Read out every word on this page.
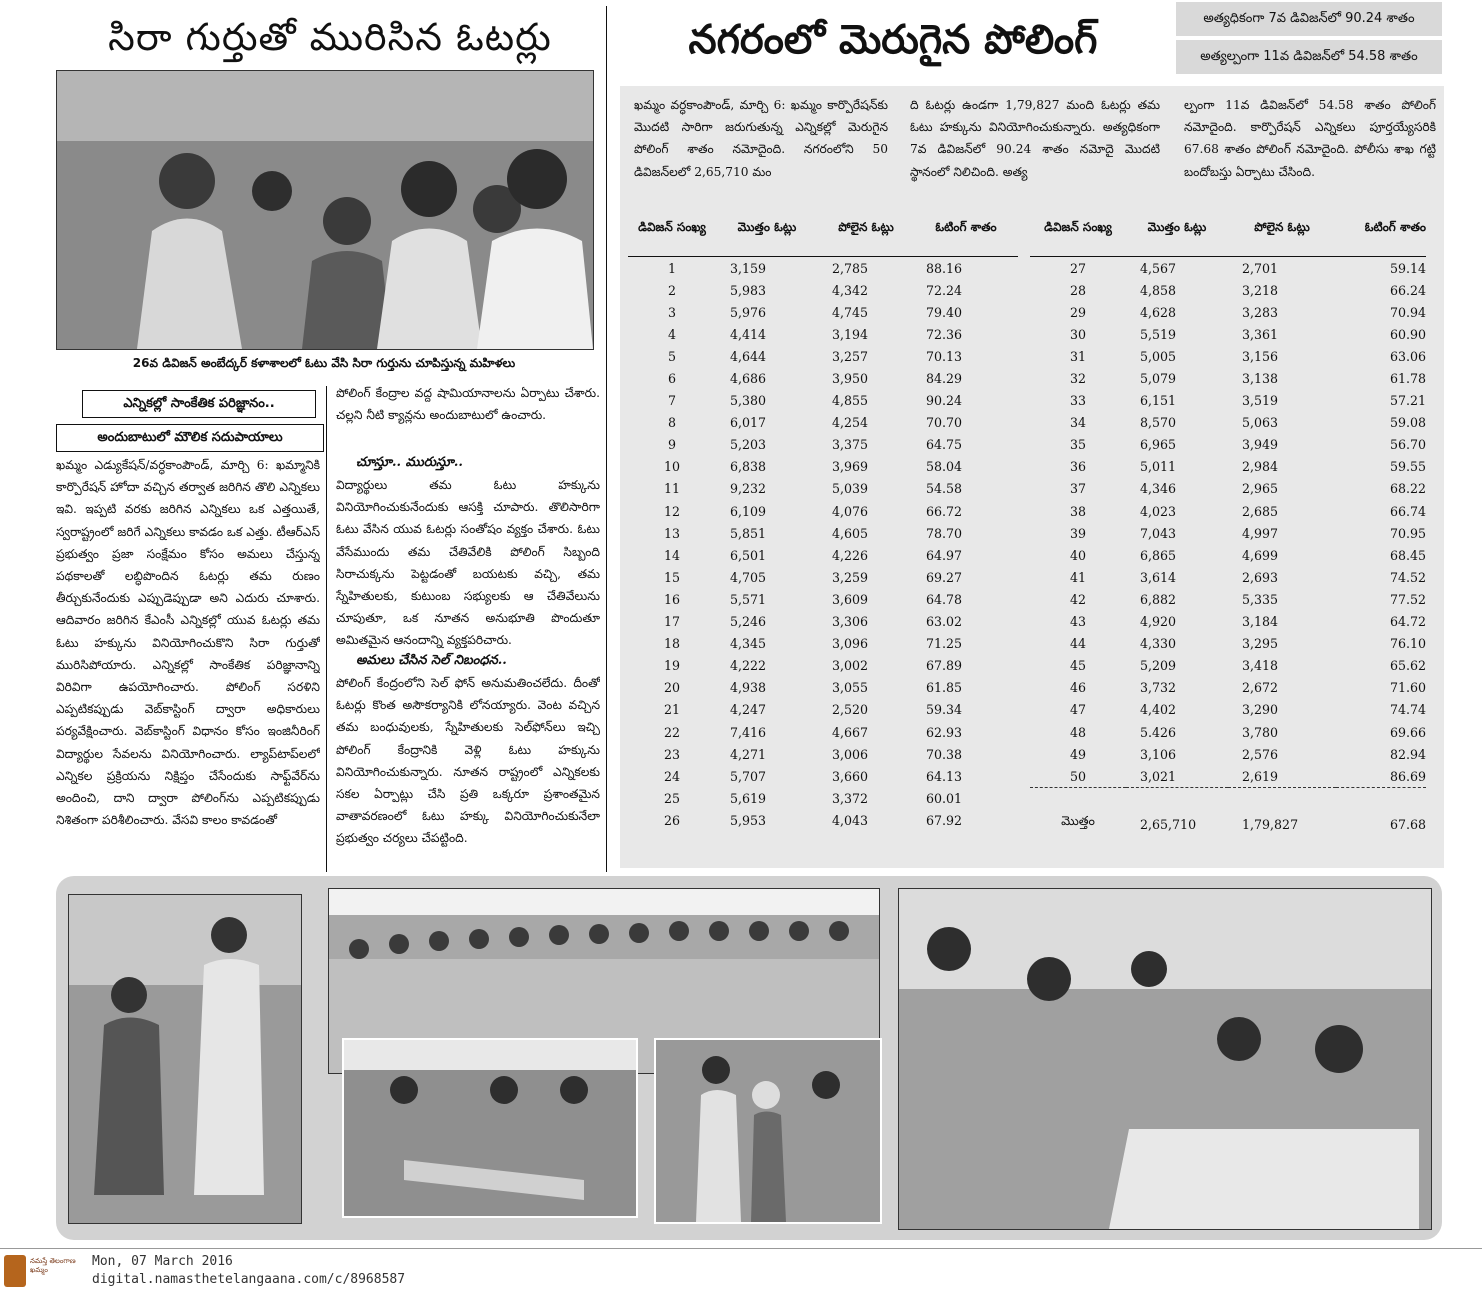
సిరా గుర్తుతో మురిసిన ఓటర్లు	నగరంలో మెరుగైన పోలింగ్	అత్యధికంగా 7వ డివిజన్‌లో 90.24 శాతం
అత్యల్పంగా 11వ డివిజన్‌లో 54.58 శాతం
26వ డివిజన్ అంబేద్కర్ కళాశాలలో ఓటు వేసి సిరా గుర్తును చూపిస్తున్న మహిళలు
ఎన్నికల్లో సాంకేతిక పరిజ్ఞానం..
అందుబాటులో మౌలిక సదుపాయాలు
ఖమ్మం ఎడ్యుకేషన్/వర్ధకాంపౌండ్, మార్చి 6: ఖమ్మానికి కార్పొరేషన్ హోదా వచ్చిన తర్వాత జరిగిన తొలి ఎన్నికలు ఇవి. ఇప్పటి వరకు జరిగిన ఎన్నికలు ఒక ఎత్తయితే, స్వరాష్ట్రంలో జరిగే ఎన్నికలు కావడం ఒక ఎత్తు. టీఆర్‌ఎస్ ప్రభుత్వం ప్రజా సంక్షేమం కోసం అమలు చేస్తున్న పథకాలతో లబ్ధిపొందిన ఓటర్లు తమ రుణం తీర్చుకునేందుకు ఎప్పుడెప్పుడా అని ఎదురు చూశారు. ఆదివారం జరిగిన కేఎంసీ ఎన్నికల్లో యువ ఓటర్లు తమ ఓటు హక్కును వినియోగించుకొని సిరా గుర్తుతో మురిసిపోయారు. ఎన్నికల్లో సాంకేతిక పరిజ్ఞానాన్ని విరివిగా ఉపయోగించారు. పోలింగ్ సరళిని ఎప్పటికప్పుడు వెబ్‌కాస్టింగ్ ద్వారా అధికారులు పర్యవేక్షించారు. వెబ్‌కాస్టింగ్ విధానం కోసం ఇంజినీరింగ్ విద్యార్థుల సేవలను వినియోగించారు. ల్యాప్‌టాప్‌లలో ఎన్నికల ప్రక్రియను నిక్షిప్తం చేసేందుకు సాఫ్ట్‌వేర్‌ను అందించి, దాని ద్వారా పోలింగ్‌ను ఎప్పటికప్పుడు నిశితంగా పరిశీలించారు. వేసవి కాలం కావడంతో
పోలింగ్ కేంద్రాల వద్ద షామియానాలను ఏర్పాటు చేశారు. చల్లని నీటి క్యాన్లను అందుబాటులో ఉంచారు.
చూస్తూ.. మురుస్తూ..
విద్యార్థులు తమ ఓటు హక్కును వినియోగించుకునేందుకు ఆసక్తి చూపారు. తొలిసారిగా ఓటు వేసిన యువ ఓటర్లు సంతోషం వ్యక్తం చేశారు. ఓటు వేసేముందు తమ చేతివేలికి పోలింగ్ సిబ్బంది సిరాచుక్కను పెట్టడంతో బయటకు వచ్చి, తమ స్నేహితులకు, కుటుంబ సభ్యులకు ఆ చేతివేలును చూపుతూ, ఒక నూతన అనుభూతి పొందుతూ అమితమైన ఆనందాన్ని వ్యక్తపరిచారు.
అమలు చేసిన సెల్ నిబంధన..
పోలింగ్ కేంద్రంలోని సెల్ ఫోన్ అనుమతించలేదు. దీంతో ఓటర్లు కొంత అసౌకర్యానికి లోనయ్యారు. వెంట వచ్చిన తమ బంధువులకు, స్నేహితులకు సెల్‌ఫోన్‌లు ఇచ్చి పోలింగ్ కేంద్రానికి వెళ్లి ఓటు హక్కును వినియోగించుకున్నారు. నూతన రాష్ట్రంలో ఎన్నికలకు సకల ఏర్పాట్లు చేసి ప్రతి ఒక్కరూ ప్రశాంతమైన వాతావరణంలో ఓటు హక్కు వినియోగించుకునేలా ప్రభుత్వం చర్యలు చేపట్టింది.
ఖమ్మం వర్ధకాంపౌండ్, మార్చి 6: ఖమ్మం కార్పొరేషన్‌కు మొదటి సారిగా జరుగుతున్న ఎన్నికల్లో మెరుగైన పోలింగ్ శాతం నమోదైంది. నగరంలోని 50 డివిజన్‌లలో 2,65,710 మం
ది ఓటర్లు ఉండగా 1,79,827 మంది ఓటర్లు తమ ఓటు హక్కును వినియోగించుకున్నారు. అత్యధికంగా 7వ డివిజన్‌లో 90.24 శాతం నమోదై మొదటి స్థానంలో నిలిచింది. అత్య
ల్పంగా 11వ డివిజన్‌లో 54.58 శాతం పోలింగ్ నమోదైంది. కార్పొరేషన్ ఎన్నికలు పూర్తయ్యేసరికి 67.68 శాతం పోలింగ్ నమోదైంది. పోలీసు శాఖ గట్టి బందోబస్తు ఏర్పాటు చేసింది.
డివిజన్ సంఖ్య	మొత్తం ఓట్లు	పోలైన ఓట్లు	ఓటింగ్ శాతం
1	3,159	2,785	88.16
2	5,983	4,342	72.24
3	5,976	4,745	79.40
4	4,414	3,194	72.36
5	4,644	3,257	70.13
6	4,686	3,950	84.29
7	5,380	4,855	90.24
8	6,017	4,254	70.70
9	5,203	3,375	64.75
10	6,838	3,969	58.04
11	9,232	5,039	54.58
12	6,109	4,076	66.72
13	5,851	4,605	78.70
14	6,501	4,226	64.97
15	4,705	3,259	69.27
16	5,571	3,609	64.78
17	5,246	3,306	63.02
18	4,345	3,096	71.25
19	4,222	3,002	67.89
20	4,938	3,055	61.85
21	4,247	2,520	59.34
22	7,416	4,667	62.93
23	4,271	3,006	70.38
24	5,707	3,660	64.13
25	5,619	3,372	60.01
26	5,953	4,043	67.92
డివిజన్ సంఖ్య	మొత్తం ఓట్లు	పోలైన ఓట్లు	ఓటింగ్ శాతం
27	4,567	2,701	59.14
28	4,858	3,218	66.24
29	4,628	3,283	70.94
30	5,519	3,361	60.90
31	5,005	3,156	63.06
32	5,079	3,138	61.78
33	6,151	3,519	57.21
34	8,570	5,063	59.08
35	6,965	3,949	56.70
36	5,011	2,984	59.55
37	4,346	2,965	68.22
38	4,023	2,685	66.74
39	7,043	4,997	70.95
40	6,865	4,699	68.45
41	3,614	2,693	74.52
42	6,882	5,335	77.52
43	4,920	3,184	64.72
44	4,330	3,295	76.10
45	5,209	3,418	65.62
46	3,732	2,672	71.60
47	4,402	3,290	74.74
48	5.426	3,780	69.66
49	3,106	2,576	82.94
50	3,021	2,619	86.69
మొత్తం	2,65,710	1,79,827	67.68
నమస్తే తెలంగాణ ఖమ్మం
Mon, 07 March 2016
digital.namasthetelangaana.com/c/8968587
